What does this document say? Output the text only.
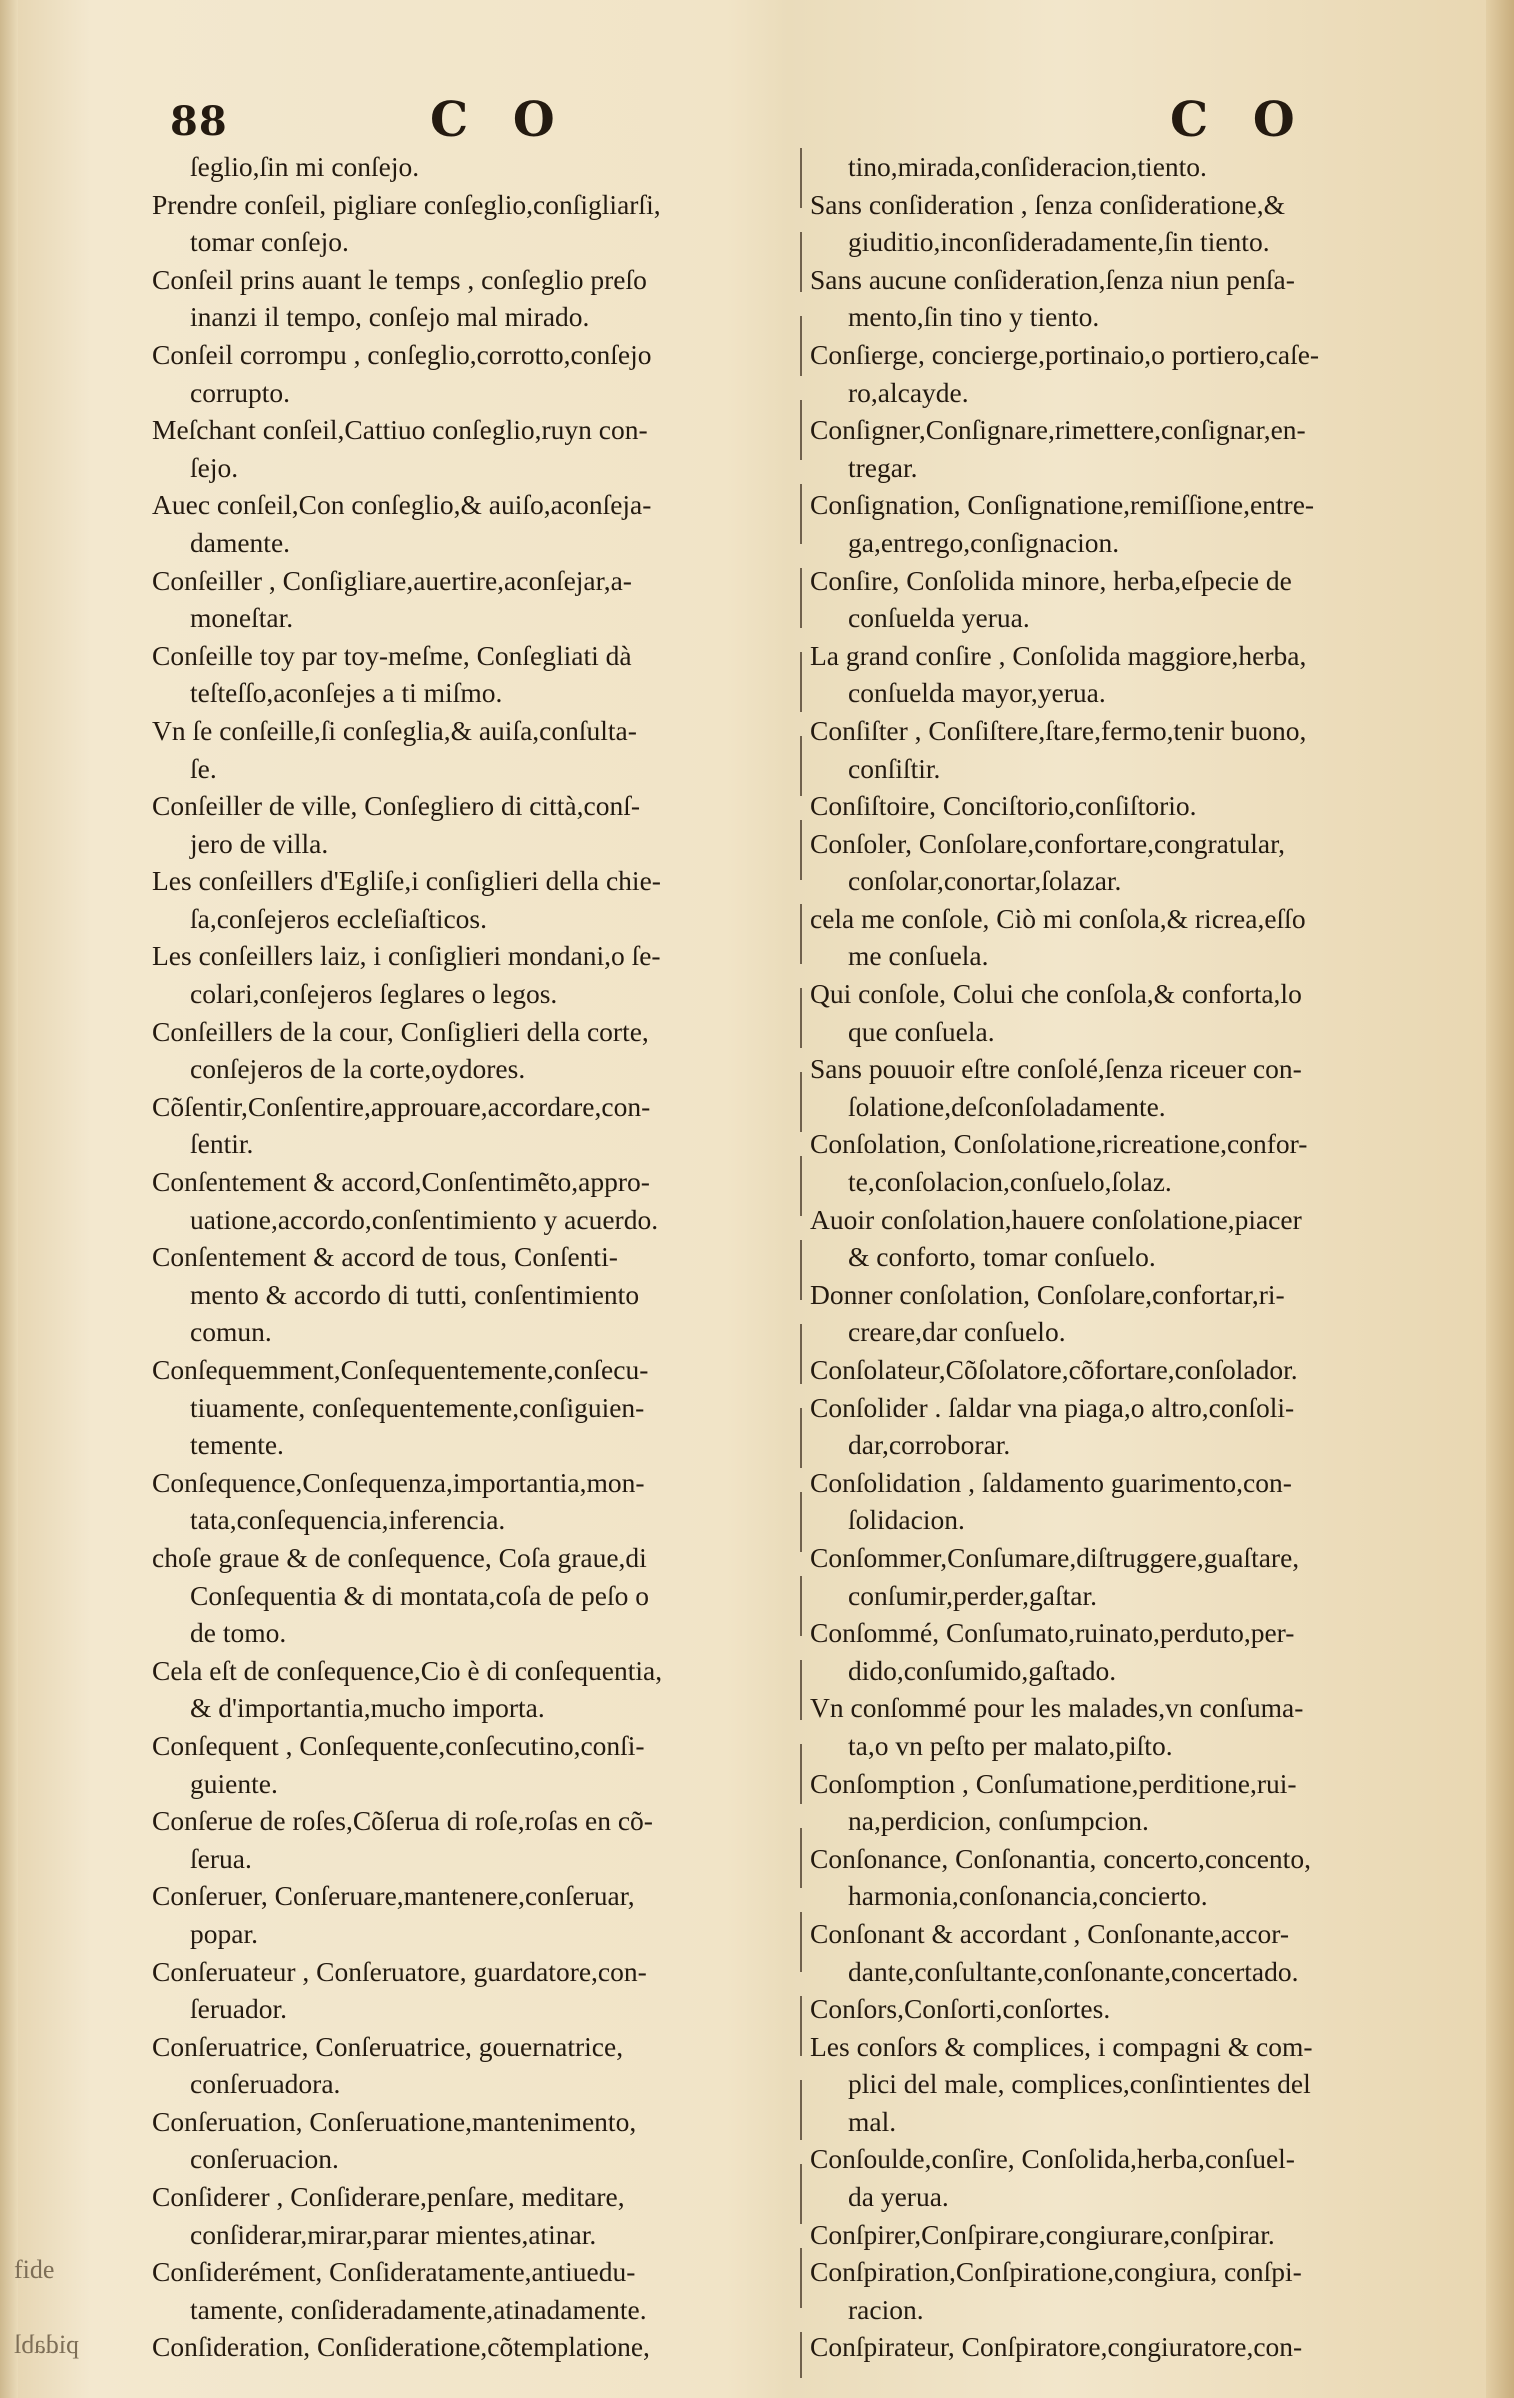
88	C O	C O
fide
pidabl

ſeglio,ſin mi conſejo.

Prendre conſeil, pigliare conſeglio,conſigliarſi,
tomar conſejo.

Conſeil prins auant le temps , conſeglio preſo
inanzi il tempo, conſejo mal mirado.

Conſeil corrompu , conſeglio,corrotto,conſejo
corrupto.

Meſchant conſeil,Cattiuo conſeglio,ruyn con-
ſejo.

Auec conſeil,Con conſeglio,& auiſo,aconſeja-
damente.

Conſeiller , Conſigliare,auertire,aconſejar,a-
moneſtar.

Conſeille toy par toy-meſme, Conſegliati dà
teſteſſo,aconſejes a ti miſmo.

Vn ſe conſeille,ſi conſeglia,& auiſa,conſulta-
ſe.

Conſeiller de ville, Conſegliero di città,conſ-
jero de villa.

Les conſeillers d'Egliſe,i conſiglieri della chie-
ſa,conſejeros eccleſiaſticos.

Les conſeillers laiz, i conſiglieri mondani,o ſe-
colari,conſejeros ſeglares o legos.

Conſeillers de la cour, Conſiglieri della corte,
conſejeros de la corte,oydores.

Cõſentir,Conſentire,approuare,accordare,con-
ſentir.

Conſentement & accord,Conſentimẽto,appro-
uatione,accordo,conſentimiento y acuerdo.

Conſentement & accord de tous, Conſenti-
mento & accordo di tutti, conſentimiento
comun.

Conſequemment,Conſequentemente,conſecu-
tiuamente, conſequentemente,conſiguien-
temente.

Conſequence,Conſequenza,importantia,mon-
tata,conſequencia,inferencia.

choſe graue & de conſequence, Coſa graue,di
Conſequentia & di montata,coſa de peſo o
de tomo.

Cela eſt de conſequence,Cio è di conſequentia,
& d'importantia,mucho importa.

Conſequent , Conſequente,conſecutino,conſi-
guiente.

Conſerue de roſes,Cõſerua di roſe,roſas en cõ-
ſerua.

Conſeruer, Conſeruare,mantenere,conſeruar,
popar.

Conſeruateur , Conſeruatore, guardatore,con-
ſeruador.

Conſeruatrice, Conſeruatrice, gouernatrice,
conſeruadora.

Conſeruation, Conſeruatione,mantenimento,
conſeruacion.

Conſiderer , Conſiderare,penſare, meditare,
conſiderar,mirar,parar mientes,atinar.

Conſiderément, Conſideratamente,antiuedu-
tamente, conſideradamente,atinadamente.

Conſideration, Conſideratione,cõtemplatione,

tino,mirada,conſideracion,tiento.

Sans conſideration , ſenza conſideratione,&
giuditio,inconſideradamente,ſin tiento.

Sans aucune conſideration,ſenza niun penſa-
mento,ſin tino y tiento.

Conſierge, concierge,portinaio,o portiero,caſe-
ro,alcayde.

Conſigner,Conſignare,rimettere,conſignar,en-
tregar.

Conſignation, Conſignatione,remiſſione,entre-
ga,entrego,conſignacion.

Conſire, Conſolida minore, herba,eſpecie de
conſuelda yerua.

La grand conſire , Conſolida maggiore,herba,
conſuelda mayor,yerua.

Conſiſter , Conſiſtere,ſtare,fermo,tenir buono,
conſiſtir.

Conſiſtoire, Conciſtorio,conſiſtorio.

Conſoler, Conſolare,confortare,congratular,
conſolar,conortar,ſolazar.

cela me conſole, Ciò mi conſola,& ricrea,eſſo
me conſuela.

Qui conſole, Colui che conſola,& conforta,lo
que conſuela.

Sans pouuoir eſtre conſolé,ſenza riceuer con-
ſolatione,deſconſoladamente.

Conſolation, Conſolatione,ricreatione,confor-
te,conſolacion,conſuelo,ſolaz.

Auoir conſolation,hauere conſolatione,piacer
& conforto, tomar conſuelo.

Donner conſolation, Conſolare,confortar,ri-
creare,dar conſuelo.

Conſolateur,Cõſolatore,cõfortare,conſolador.

Conſolider . ſaldar vna piaga,o altro,conſoli-
dar,corroborar.

Conſolidation , ſaldamento guarimento,con-
ſolidacion.

Conſommer,Conſumare,diſtruggere,guaſtare,
conſumir,perder,gaſtar.

Conſommé, Conſumato,ruinato,perduto,per-
dido,conſumido,gaſtado.

Vn conſommé pour les malades,vn conſuma-
ta,o vn peſto per malato,piſto.

Conſomption , Conſumatione,perditione,rui-
na,perdicion, conſumpcion.

Conſonance, Conſonantia, concerto,concento,
harmonia,conſonancia,concierto.

Conſonant & accordant , Conſonante,accor-
dante,conſultante,conſonante,concertado.

Conſors,Conſorti,conſortes.

Les conſors & complices, i compagni & com-
plici del male, complices,conſintientes del
mal.

Conſoulde,conſire, Conſolida,herba,conſuel-
da yerua.

Conſpirer,Conſpirare,congiurare,conſpirar.

Conſpiration,Conſpiratione,congiura, conſpi-
racion.

Conſpirateur, Conſpiratore,congiuratore,con-
